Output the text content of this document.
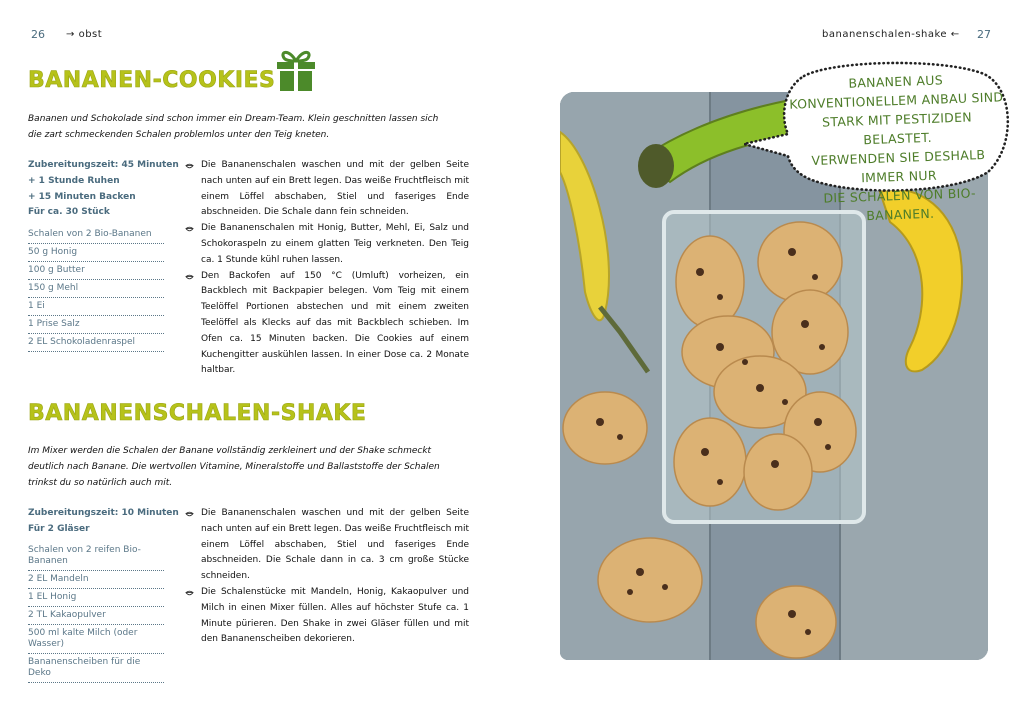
26 → obst	bananenschalen-shake ← 27
BANANEN-COOKIES
Bananen und Schokolade sind schon immer ein Dream-Team. Klein geschnitten lassen sich die zart schmeckenden Schalen problemlos unter den Teig kneten.
Zubereitungszeit: 45 Minuten
+ 1 Stunde Ruhen
+ 15 Minuten Backen
Für ca. 30 Stück
Schalen von 2 Bio-Bananen
50 g Honig
100 g Butter
150 g Mehl
1 Ei
1 Prise Salz
2 EL Schokoladenraspel
Die Bananenschalen waschen und mit der gelben Seite nach unten auf ein Brett legen. Das weiße Fruchtfleisch mit einem Löffel abschaben, Stiel und faseriges Ende abschneiden. Die Schale dann fein schneiden.
Die Bananenschalen mit Honig, Butter, Mehl, Ei, Salz und Schokoraspeln zu einem glatten Teig verkneten. Den Teig ca. 1 Stunde kühl ruhen lassen.
Den Backofen auf 150 °C (Umluft) vorheizen, ein Backblech mit Backpapier belegen. Vom Teig mit einem Teelöffel Portionen abstechen und mit einem zweiten Teelöffel als Klecks auf das mit Backblech schieben. Im Ofen ca. 15 Minuten backen. Die Cookies auf einem Kuchengitter auskühlen lassen. In einer Dose ca. 2 Monate haltbar.
BANANENSCHALEN-SHAKE
Im Mixer werden die Schalen der Banane vollständig zerkleinert und der Shake schmeckt deutlich nach Banane. Die wertvollen Vitamine, Mineralstoffe und Ballaststoffe der Schalen trinkst du so natürlich auch mit.
Zubereitungszeit: 10 Minuten
Für 2 Gläser
Schalen von 2 reifen Bio-Bananen
2 EL Mandeln
1 EL Honig
2 TL Kakaopulver
500 ml kalte Milch (oder Wasser)
Bananenscheiben für die Deko
Die Bananenschalen waschen und mit der gelben Seite nach unten auf ein Brett legen. Das weiße Fruchtfleisch mit einem Löffel abschaben, Stiel und faseriges Ende abschneiden. Die Schale dann in ca. 3 cm große Stücke schneiden.
Die Schalenstücke mit Mandeln, Honig, Kakaopulver und Milch in einen Mixer füllen. Alles auf höchster Stufe ca. 1 Minute pürieren. Den Shake in zwei Gläser füllen und mit den Bananenscheiben dekorieren.
BANANEN AUS
KONVENTIONELLEM ANBAU SIND
STARK MIT PESTIZIDEN BELASTET.
VERWENDEN SIE DESHALB IMMER NUR
DIE SCHALEN VON BIO-BANANEN.
